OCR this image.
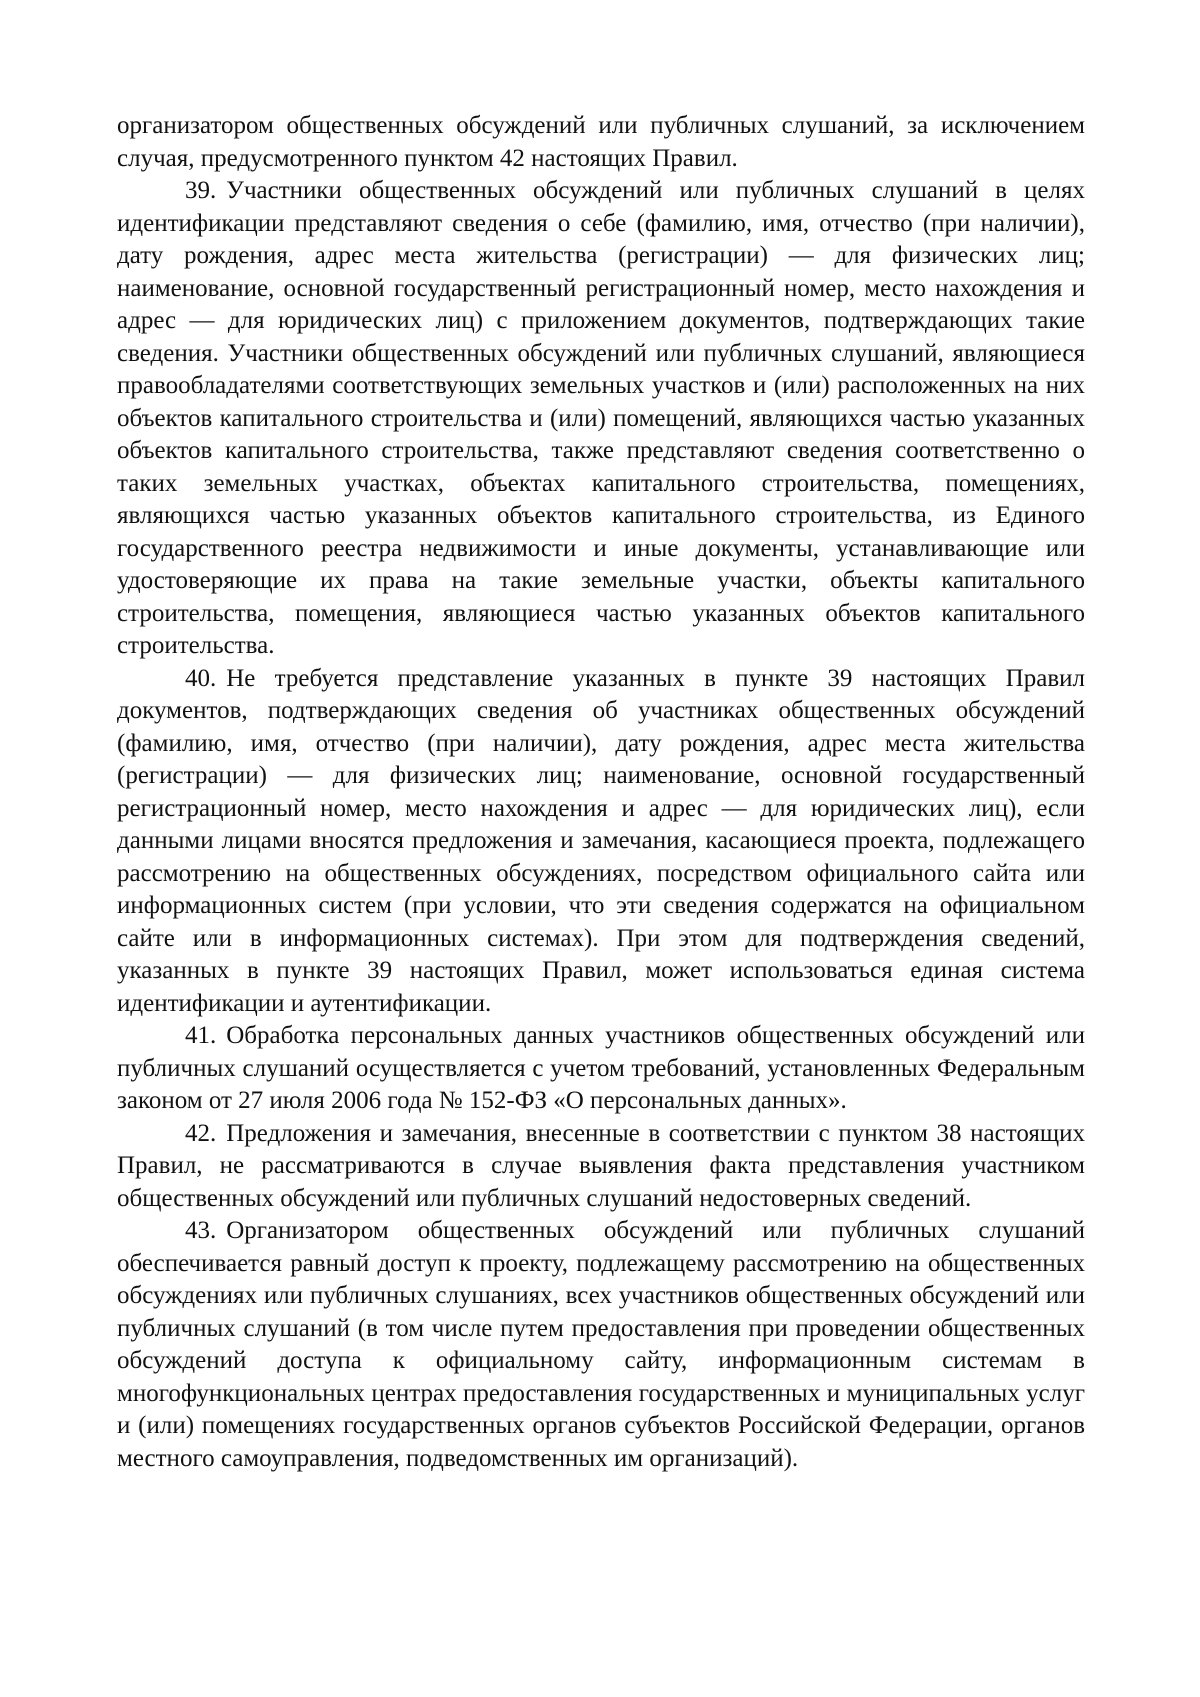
организатором общественных обсуждений или публичных слушаний, за исключением случая, предусмотренного пунктом 42 настоящих Правил.

39. Участники общественных обсуждений или публичных слушаний в целях идентификации представляют сведения о себе (фамилию, имя, отчество (при наличии), дату рождения, адрес места жительства (регистрации) — для физических лиц; наименование, основной государственный регистрационный номер, место нахождения и адрес — для юридических лиц) с приложением документов, подтверждающих такие сведения. Участники общественных обсуждений или публичных слушаний, являющиеся правообладателями соответствующих земельных участков и (или) расположенных на них объектов капитального строительства и (или) помещений, являющихся частью указанных объектов капитального строительства, также представляют сведения соответственно о таких земельных участках, объектах капитального строительства, помещениях, являющихся частью указанных объектов капитального строительства, из Единого государственного реестра недвижимости и иные документы, устанавливающие или удостоверяющие их права на такие земельные участки, объекты капитального строительства, помещения, являющиеся частью указанных объектов капитального строительства.

40. Не требуется представление указанных в пункте 39 настоящих Правил документов, подтверждающих сведения об участниках общественных обсуждений (фамилию, имя, отчество (при наличии), дату рождения, адрес места жительства (регистрации) — для физических лиц; наименование, основной государственный регистрационный номер, место нахождения и адрес — для юридических лиц), если данными лицами вносятся предложения и замечания, касающиеся проекта, подлежащего рассмотрению на общественных обсуждениях, посредством официального сайта или информационных систем (при условии, что эти сведения содержатся на официальном сайте или в информационных системах). При этом для подтверждения сведений, указанных в пункте 39 настоящих Правил, может использоваться единая система идентификации и аутентификации.

41. Обработка персональных данных участников общественных обсуждений или публичных слушаний осуществляется с учетом требований, установленных Федеральным законом от 27 июля 2006 года № 152-ФЗ «О персональных данных».

42. Предложения и замечания, внесенные в соответствии с пунктом 38 настоящих Правил, не рассматриваются в случае выявления факта представления участником общественных обсуждений или публичных слушаний недостоверных сведений.

43. Организатором общественных обсуждений или публичных слушаний обеспечивается равный доступ к проекту, подлежащему рассмотрению на общественных обсуждениях или публичных слушаниях, всех участников общественных обсуждений или публичных слушаний (в том числе путем предоставления при проведении общественных обсуждений доступа к официальному сайту, информационным системам в многофункциональных центрах предоставления государственных и муниципальных услуг и (или) помещениях государственных органов субъектов Российской Федерации, органов местного самоуправления, подведомственных им организаций).
